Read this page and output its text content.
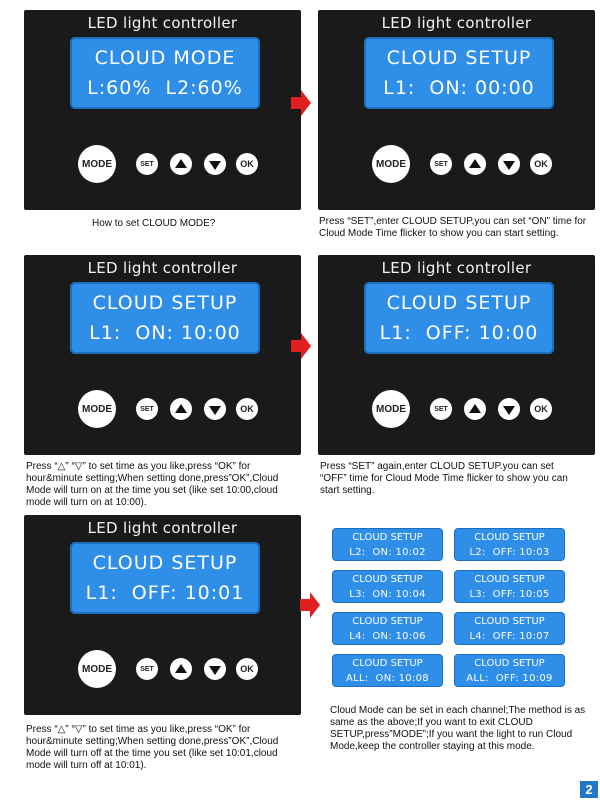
LED light controller
CLOUD MODE
L:60%  L2:60%
MODE	SET	OK
How to set CLOUD MODE?
LED light controller
CLOUD SETUP
L1:  ON: 00:00
MODE	SET	OK
Press “SET”,enter CLOUD SETUP,you can set “ON” time for Cloud Mode Time flicker to show you can start setting.
LED light controller
CLOUD SETUP
L1:  ON: 10:00
MODE	SET	OK
Press “△” “▽” to set time as you like,press “OK” for hour&minute setting;When setting done,press”OK”,Cloud Mode will turn on at the time you set (like set 10:00,cloud mode will turn on at 10:00).
LED light controller
CLOUD SETUP
L1:  OFF: 10:00
MODE	SET	OK
Press “SET” again,enter CLOUD SETUP.you can set “OFF” time for Cloud Mode Time flicker to show you can start setting.
LED light controller
CLOUD SETUP
L1:  OFF: 10:01
MODE	SET	OK
Press “△” “▽” to set time as you like,press “OK” for hour&minute setting;When setting done,press”OK”,Cloud Mode will turn off at the time you set (like set 10:01,cloud mode will turn off at 10:01).
CLOUD SETUP
L2:  ON: 10:02
CLOUD SETUP
L2:  OFF: 10:03
CLOUD SETUP
L3:  ON: 10:04
CLOUD SETUP
L3:  OFF: 10:05
CLOUD SETUP
L4:  ON: 10:06
CLOUD SETUP
L4:  OFF: 10:07
CLOUD SETUP
ALL:  ON: 10:08
CLOUD SETUP
ALL:  OFF: 10:09
Cloud Mode can be set in each channel;The method is as same as the above;If you want to exit CLOUD SETUP,press”MODE”;If you want the light to run Cloud Mode,keep the controller staying at this mode.
2
